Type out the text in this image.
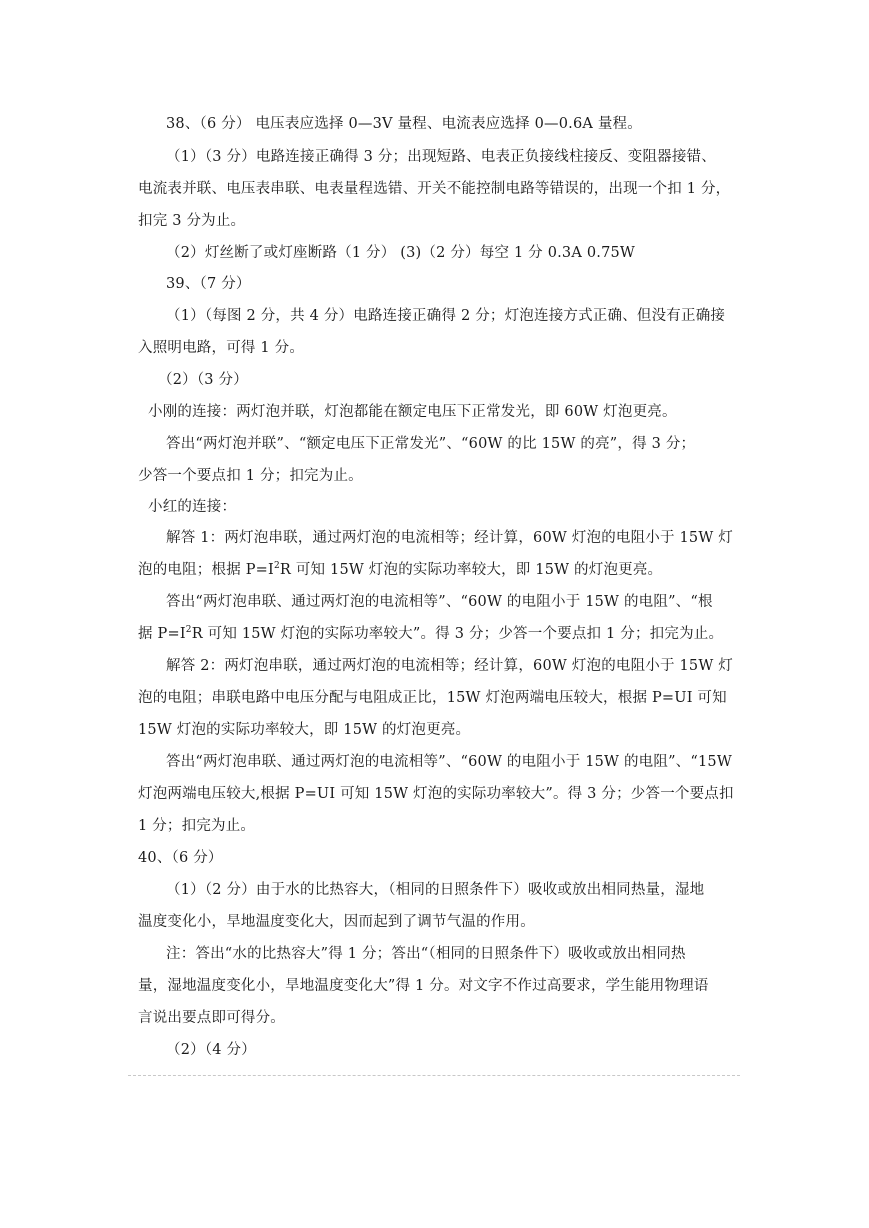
38、（6 分） 电压表应选择 0—3V 量程、电流表应选择 0—0.6A 量程。
（1）（3 分）电路连接正确得 3 分；出现短路、电表正负接线柱接反、变阻器接错、
电流表并联、电压表串联、电表量程选错、开关不能控制电路等错误的，出现一个扣 1 分，
扣完 3 分为止。
（2）灯丝断了或灯座断路（1 分） (3)（2 分）每空 1 分 0.3A 0.75W
39、（7 分）
（1）（每图 2 分，共 4 分）电路连接正确得 2 分；灯泡连接方式正确、但没有正确接
入照明电路，可得 1 分。
（2）（3 分）
小刚的连接：两灯泡并联，灯泡都能在额定电压下正常发光，即 60W 灯泡更亮。
答出“两灯泡并联”、“额定电压下正常发光”、“60W 的比 15W 的亮”，得 3 分；
少答一个要点扣 1 分；扣完为止。
小红的连接：
解答 1：两灯泡串联，通过两灯泡的电流相等；经计算，60W 灯泡的电阻小于 15W 灯
泡的电阻；根据 $P=I^2R$ 可知 15W 灯泡的实际功率较大，即 15W 的灯泡更亮。
答出“两灯泡串联、通过两灯泡的电流相等”、“60W 的电阻小于 15W 的电阻”、“根
据 $P=I^2R$ 可知 15W 灯泡的实际功率较大”。得 3 分；少答一个要点扣 1 分；扣完为止。
解答 2：两灯泡串联，通过两灯泡的电流相等；经计算，60W 灯泡的电阻小于 15W 灯
泡的电阻；串联电路中电压分配与电阻成正比，15W 灯泡两端电压较大，根据 P=UI 可知
15W 灯泡的实际功率较大，即 15W 的灯泡更亮。
答出“两灯泡串联、通过两灯泡的电流相等”、“60W 的电阻小于 15W 的电阻”、“15W
灯泡两端电压较大,根据 P=UI 可知 15W 灯泡的实际功率较大”。得 3 分；少答一个要点扣
1 分；扣完为止。
40、（6 分）
（1）（2 分）由于水的比热容大，（相同的日照条件下）吸收或放出相同热量，湿地
温度变化小，旱地温度变化大，因而起到了调节气温的作用。
注：答出“水的比热容大”得 1 分；答出“（相同的日照条件下）吸收或放出相同热
量，湿地温度变化小，旱地温度变化大”得 1 分。对文字不作过高要求，学生能用物理语
言说出要点即可得分。
（2）（4 分）
